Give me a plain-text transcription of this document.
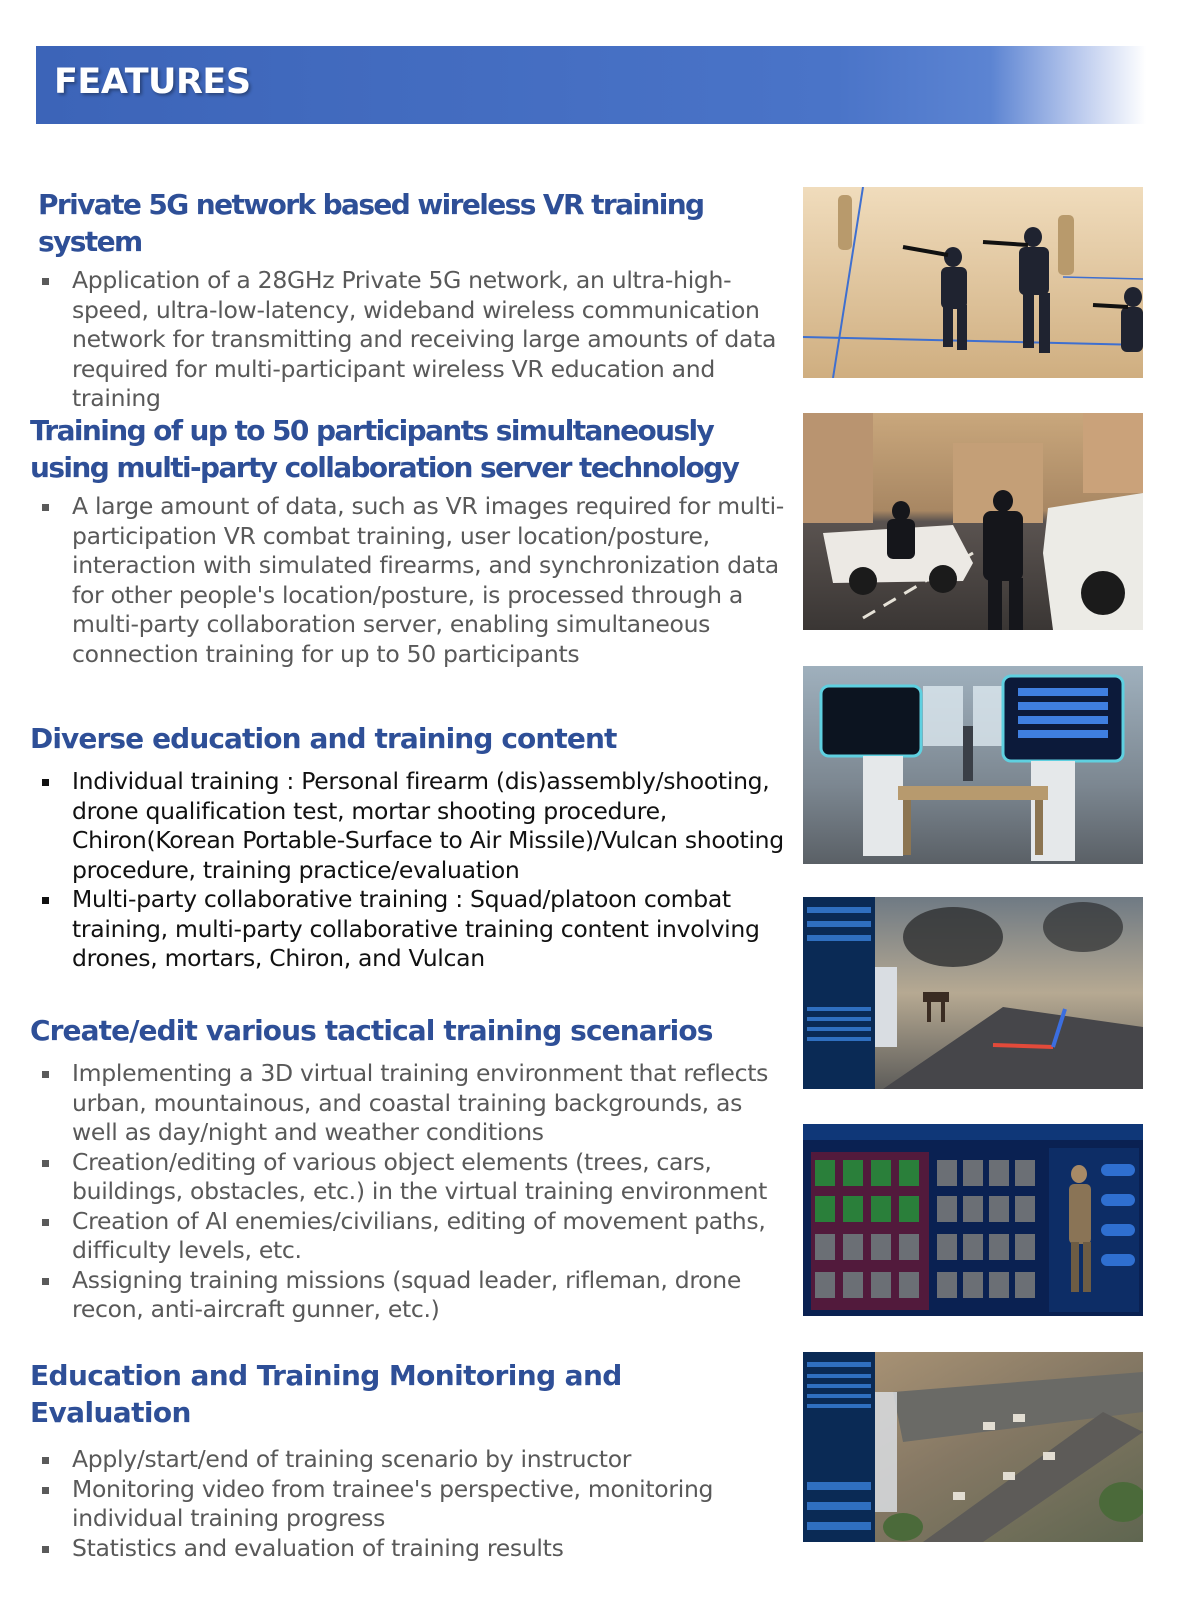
FEATURES
Private 5G network based wireless VR training system
Application of a 28GHz Private 5G network, an ultra-high-speed, ultra-low-latency, wideband wireless communication network for transmitting and receiving large amounts of data required for multi-participant wireless VR education and training
Training of up to 50 participants simultaneously using multi-party collaboration server technology
A large amount of data, such as VR images required for multi-participation VR combat training, user location/posture, interaction with simulated firearms, and synchronization data for other people's location/posture, is processed through a multi-party collaboration server, enabling simultaneous connection training for up to 50 participants
Diverse education and training content
Individual training : Personal firearm (dis)assembly/shooting, drone qualification test, mortar shooting procedure, Chiron(Korean Portable-Surface to Air Missile)/Vulcan shooting procedure, training practice/evaluation
Multi-party collaborative training : Squad/platoon combat training, multi-party collaborative training content involving drones, mortars, Chiron, and Vulcan
Create/edit various tactical training scenarios
Implementing a 3D virtual training environment that reflects urban, mountainous, and coastal training backgrounds, as well as day/night and weather conditions
Creation/editing of various object elements (trees, cars, buildings, obstacles, etc.) in the virtual training environment
Creation of AI enemies/civilians, editing of movement paths, difficulty levels, etc.
Assigning training missions (squad leader, rifleman, drone recon, anti-aircraft gunner, etc.)
Education and Training Monitoring and Evaluation
Apply/start/end of training scenario by instructor
Monitoring video from trainee's perspective, monitoring individual training progress
Statistics and evaluation of training results
